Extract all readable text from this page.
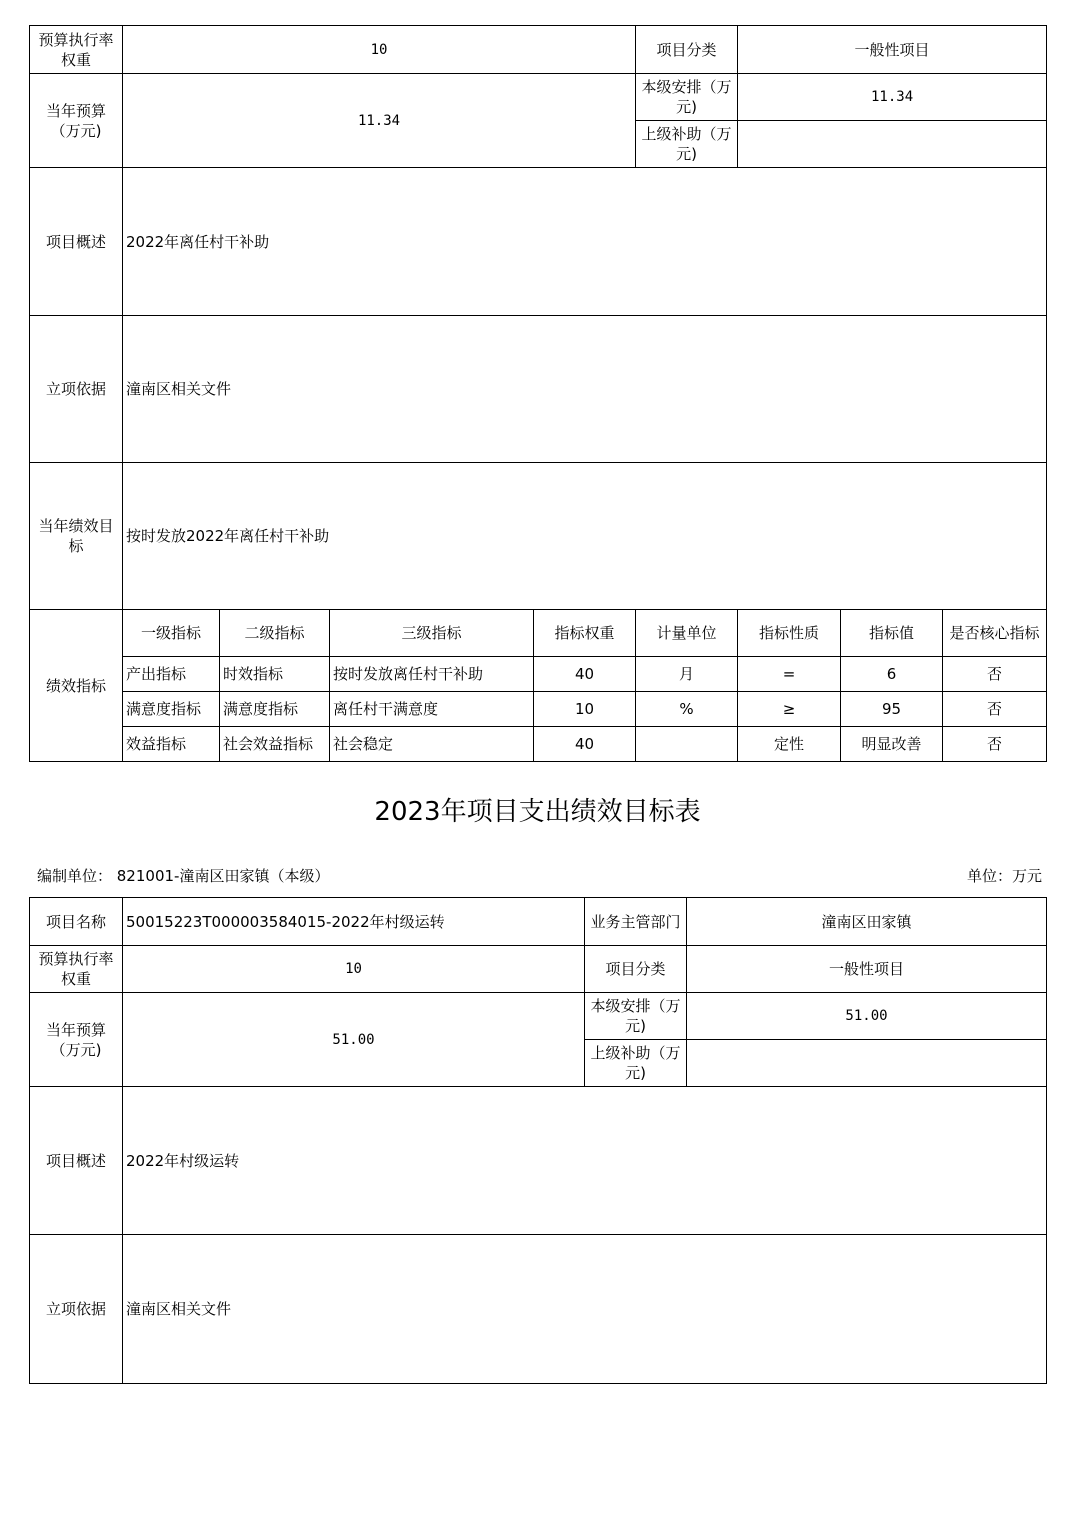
预算执行率权重	10				项目分类	一般性项目		
当年预算（万元)	11.34				本级安排（万元)	11.34		
					上级补助（万元)			
项目概述	2022年离任村干补助							
立项依据	潼南区相关文件							
当年绩效目标	按时发放2022年离任村干补助							
绩效指标	一级指标	二级指标	三级指标	指标权重	计量单位	指标性质	指标值	是否核心指标
	产出指标	时效指标	按时发放离任村干补助	40	月	=	6	否
	满意度指标	满意度指标	离任村干满意度	10	%	≥	95	否
	效益指标	社会效益指标	社会稳定	40		定性	明显改善	否
2023年项目支出绩效目标表
编制单位： 821001-潼南区田家镇（本级）	单位：万元
项目名称	50015223T000003584015-2022年村级运转	业务主管部门	潼南区田家镇
预算执行率权重	10	项目分类	一般性项目
当年预算（万元)	51.00	本级安排（万元)	51.00
		上级补助（万元)	
项目概述	2022年村级运转		
立项依据	潼南区相关文件		
